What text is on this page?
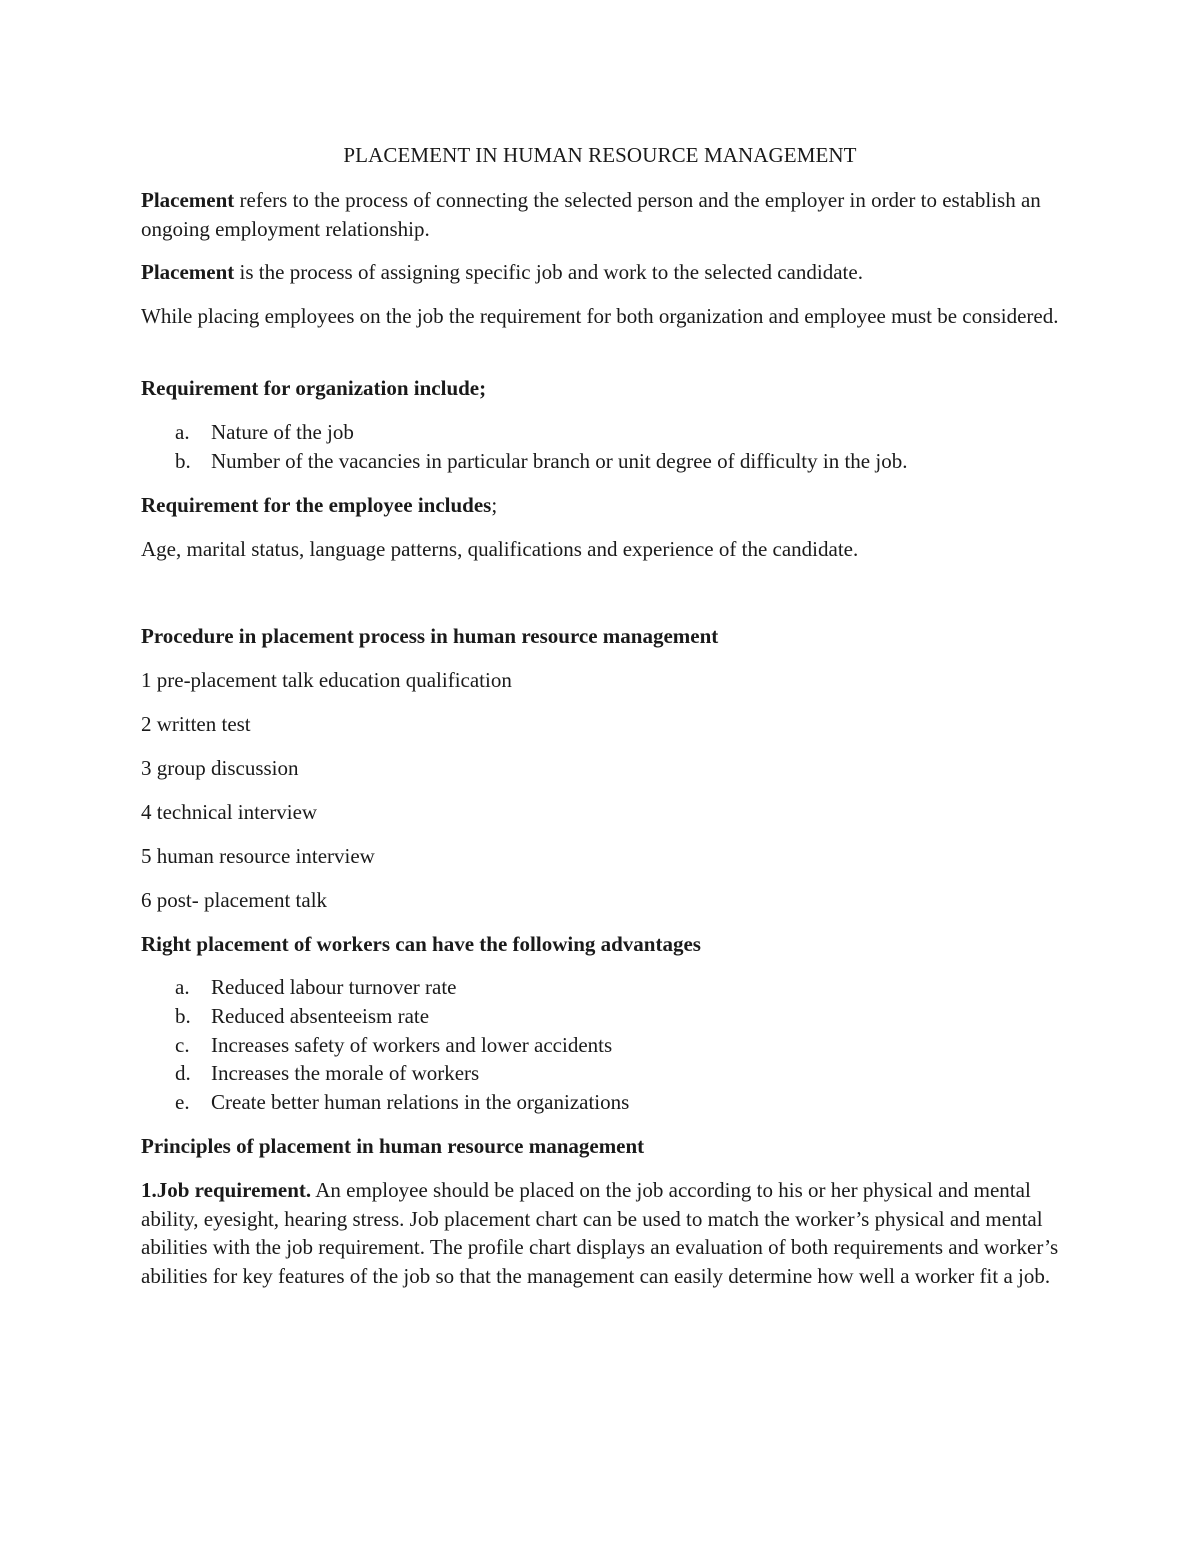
PLACEMENT IN HUMAN RESOURCE MANAGEMENT

Placement refers to the process of connecting the selected person and the employer in order to establish an ongoing employment relationship.

Placement is the process of assigning specific job and work to the selected candidate.

While placing employees on the job the requirement for both organization and employee must be considered.

Requirement for organization include;

a. Nature of the job
b. Number of the vacancies in particular branch or unit degree of difficulty in the job.

Requirement for the employee includes;

Age, marital status, language patterns, qualifications and experience of the candidate.

Procedure in placement process in human resource management

1 pre-placement talk education qualification

2 written test

3 group discussion

4 technical interview

5 human resource interview

6 post- placement talk

Right placement of workers can have the following advantages

a. Reduced labour turnover rate
b. Reduced absenteeism rate
c. Increases safety of workers and lower accidents
d. Increases the morale of workers
e. Create better human relations in the organizations

Principles of placement in human resource management

1.Job requirement. An employee should be placed on the job according to his or her physical and mental ability, eyesight, hearing stress. Job placement chart can be used to match the worker’s physical and mental abilities with the job requirement. The profile chart displays an evaluation of both requirements and worker’s abilities for key features of the job so that the management can easily determine how well a worker fit a job.
